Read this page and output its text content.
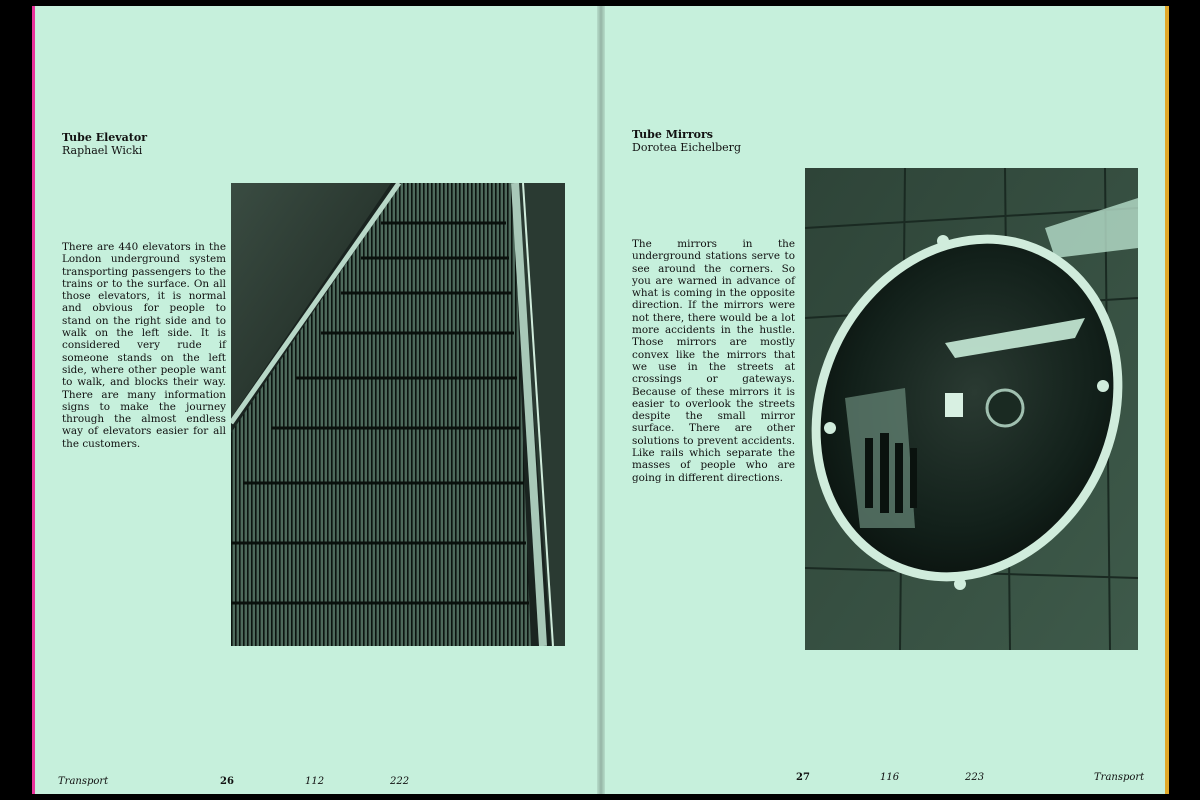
Tube Elevator

Raphael Wicki

There are 440 elevators in the London underground system transporting passengers to the trains or to the surface. On all those elevators, it is normal and obvious for people to stand on the right side and to walk on the left side. It is considered very rude if someone stands on the left side, where other people want to walk, and blocks their way. There are many information signs to make the journey through the almost endless way of elevators easier for all the customers.

Transport	26	112	222

Tube Mirrors

Dorotea Eichelberg

The mirrors in the underground stations serve to see around the corners. So you are warned in advance of what is coming in the opposite direction. If the mirrors were not there, there would be a lot more accidents in the hustle. Those mirrors are mostly convex like the mirrors that we use in the streets at crossings or gateways. Because of these mirrors it is easier to overlook the streets despite the small mirror surface. There are other solutions to prevent accidents. Like rails which separate the masses of people who are going in different directions.

27	116	223	Transport
